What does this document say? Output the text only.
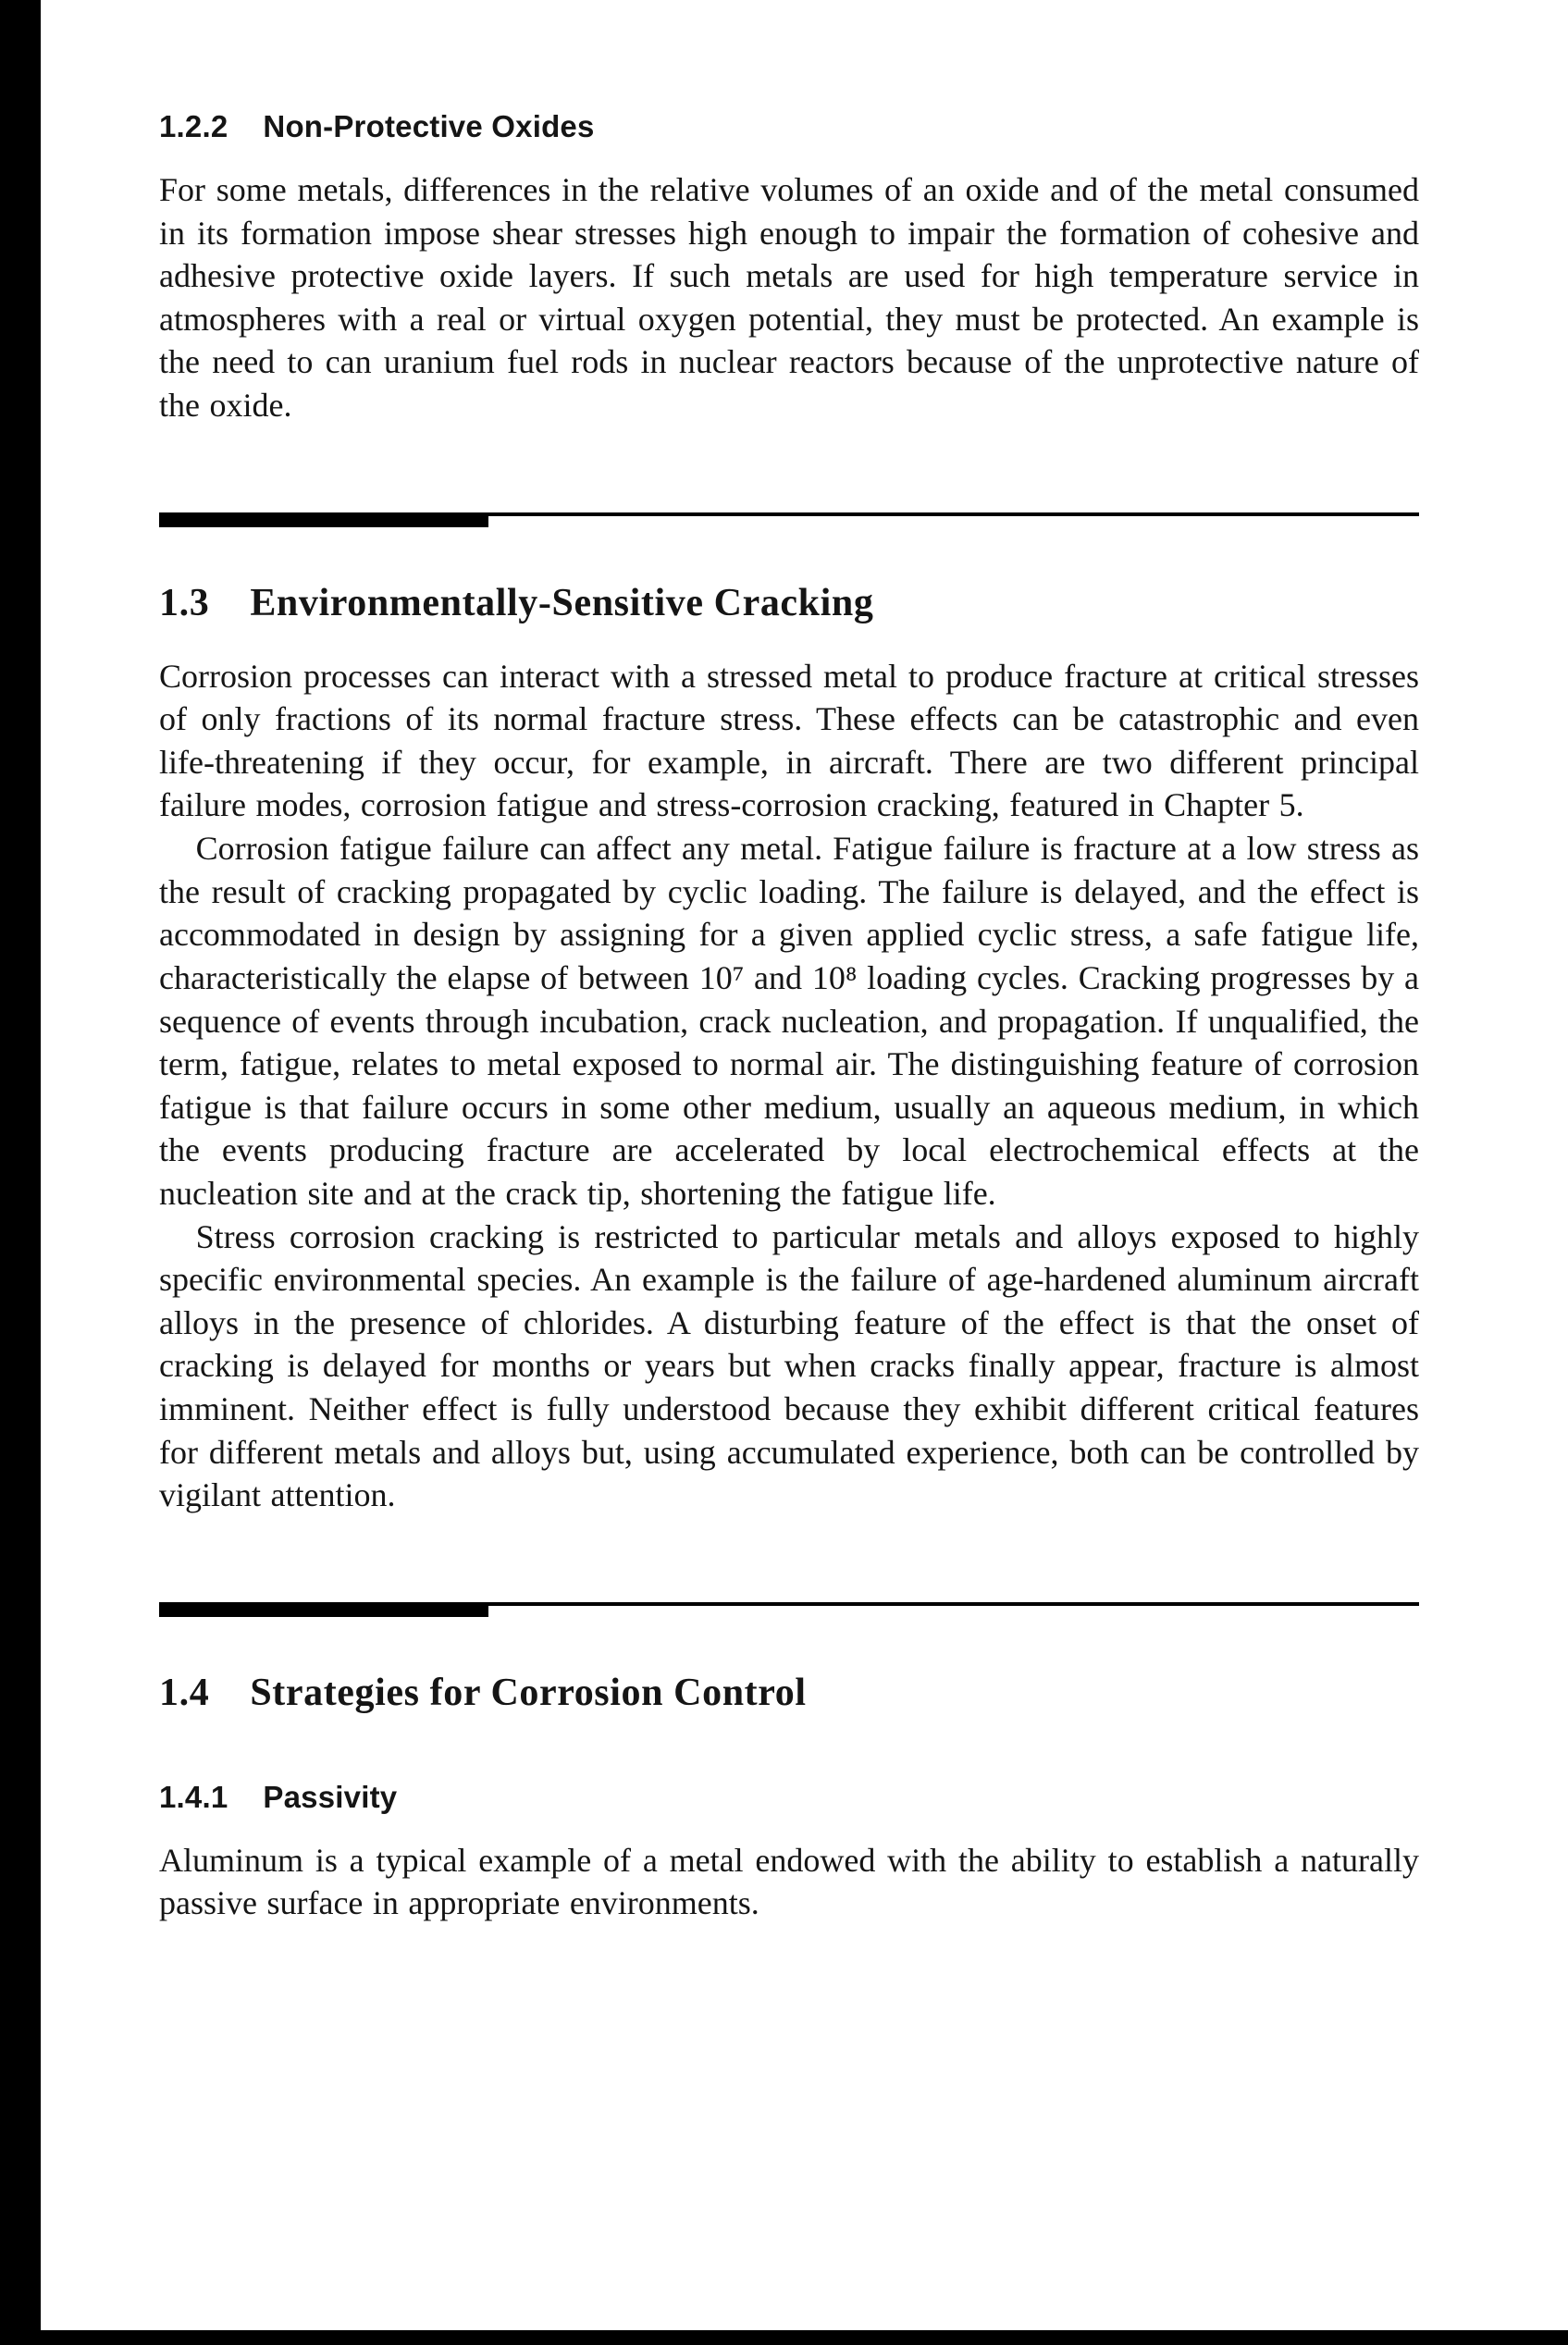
1.2.2 Non-Protective Oxides

For some metals, differences in the relative volumes of an oxide and of the metal consumed in its formation impose shear stresses high enough to impair the formation of cohesive and adhesive protective oxide layers. If such metals are used for high temperature service in atmospheres with a real or virtual oxygen potential, they must be protected. An example is the need to can uranium fuel rods in nuclear reactors because of the unprotective nature of the oxide.

1.3 Environmentally-Sensitive Cracking

Corrosion processes can interact with a stressed metal to produce fracture at critical stresses of only fractions of its normal fracture stress. These effects can be catastrophic and even life-threatening if they occur, for example, in aircraft. There are two different principal failure modes, corrosion fatigue and stress-corrosion cracking, featured in Chapter 5.

Corrosion fatigue failure can affect any metal. Fatigue failure is fracture at a low stress as the result of cracking propagated by cyclic loading. The failure is delayed, and the effect is accommodated in design by assigning for a given applied cyclic stress, a safe fatigue life, characteristically the elapse of between 10⁷ and 10⁸ loading cycles. Cracking progresses by a sequence of events through incubation, crack nucleation, and propagation. If unqualified, the term, fatigue, relates to metal exposed to normal air. The distinguishing feature of corrosion fatigue is that failure occurs in some other medium, usually an aqueous medium, in which the events producing fracture are accelerated by local electrochemical effects at the nucleation site and at the crack tip, shortening the fatigue life.

Stress corrosion cracking is restricted to particular metals and alloys exposed to highly specific environmental species. An example is the failure of age-hardened aluminum aircraft alloys in the presence of chlorides. A disturbing feature of the effect is that the onset of cracking is delayed for months or years but when cracks finally appear, fracture is almost imminent. Neither effect is fully understood because they exhibit different critical features for different metals and alloys but, using accumulated experience, both can be controlled by vigilant attention.

1.4 Strategies for Corrosion Control
1.4.1 Passivity

Aluminum is a typical example of a metal endowed with the ability to establish a naturally passive surface in appropriate environments.
